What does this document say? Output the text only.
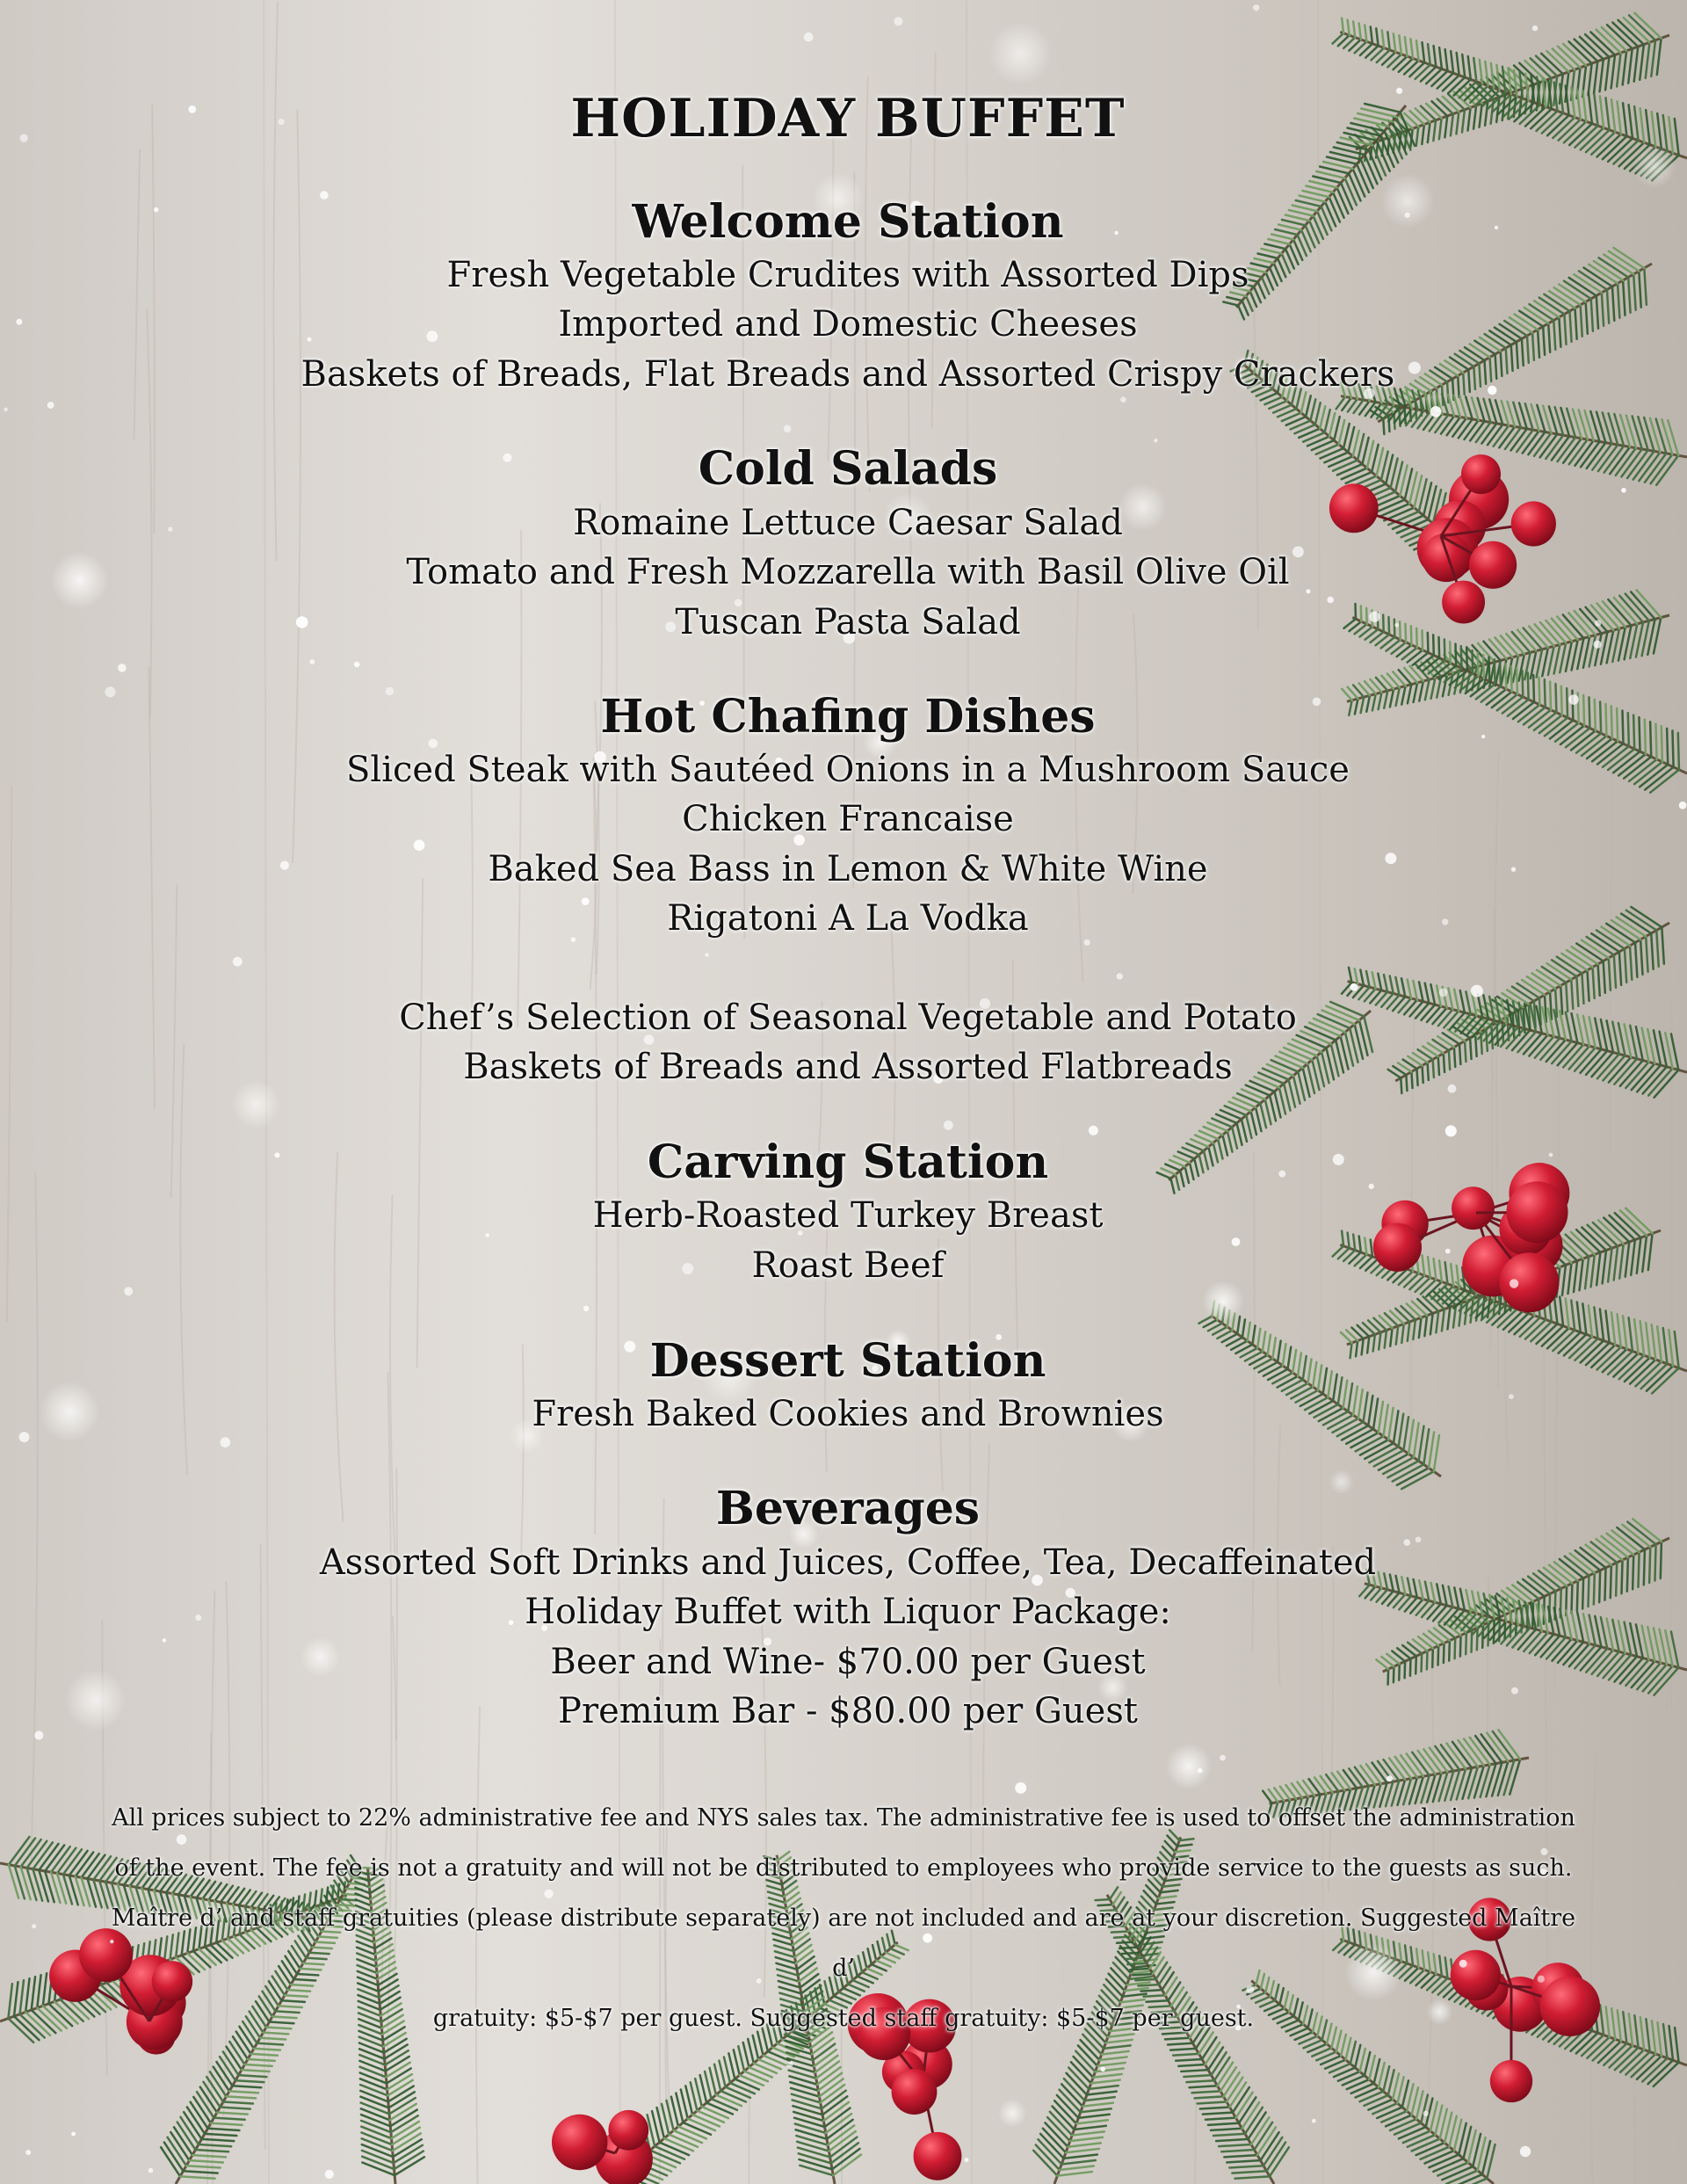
HOLIDAY BUFFET
Welcome Station
Fresh Vegetable Crudites with Assorted Dips
Imported and Domestic Cheeses
Baskets of Breads, Flat Breads and Assorted Crispy Crackers
Cold Salads
Romaine Lettuce Caesar Salad
Tomato and Fresh Mozzarella with Basil Olive Oil
Tuscan Pasta Salad
Hot Chafing Dishes
Sliced Steak with Sautéed Onions in a Mushroom Sauce
Chicken Francaise
Baked Sea Bass in Lemon & White Wine
Rigatoni A La Vodka
Chef’s Selection of Seasonal Vegetable and Potato
Baskets of Breads and Assorted Flatbreads
Carving Station
Herb-Roasted Turkey Breast
Roast Beef
Dessert Station
Fresh Baked Cookies and Brownies
Beverages
Assorted Soft Drinks and Juices, Coffee, Tea, Decaffeinated
Holiday Buffet with Liquor Package:
Beer and Wine- $70.00 per Guest
Premium Bar - $80.00 per Guest
All prices subject to 22% administrative fee and NYS sales tax. The administrative fee is used to offset the administration
of the event. The fee is not a gratuity and will not be distributed to employees who provide service to the guests as such.
Maître d’ and staff gratuities (please distribute separately) are not included and are at your discretion. Suggested Maître d’
gratuity: $5-$7 per guest. Suggested staff gratuity: $5-$7 per guest.
